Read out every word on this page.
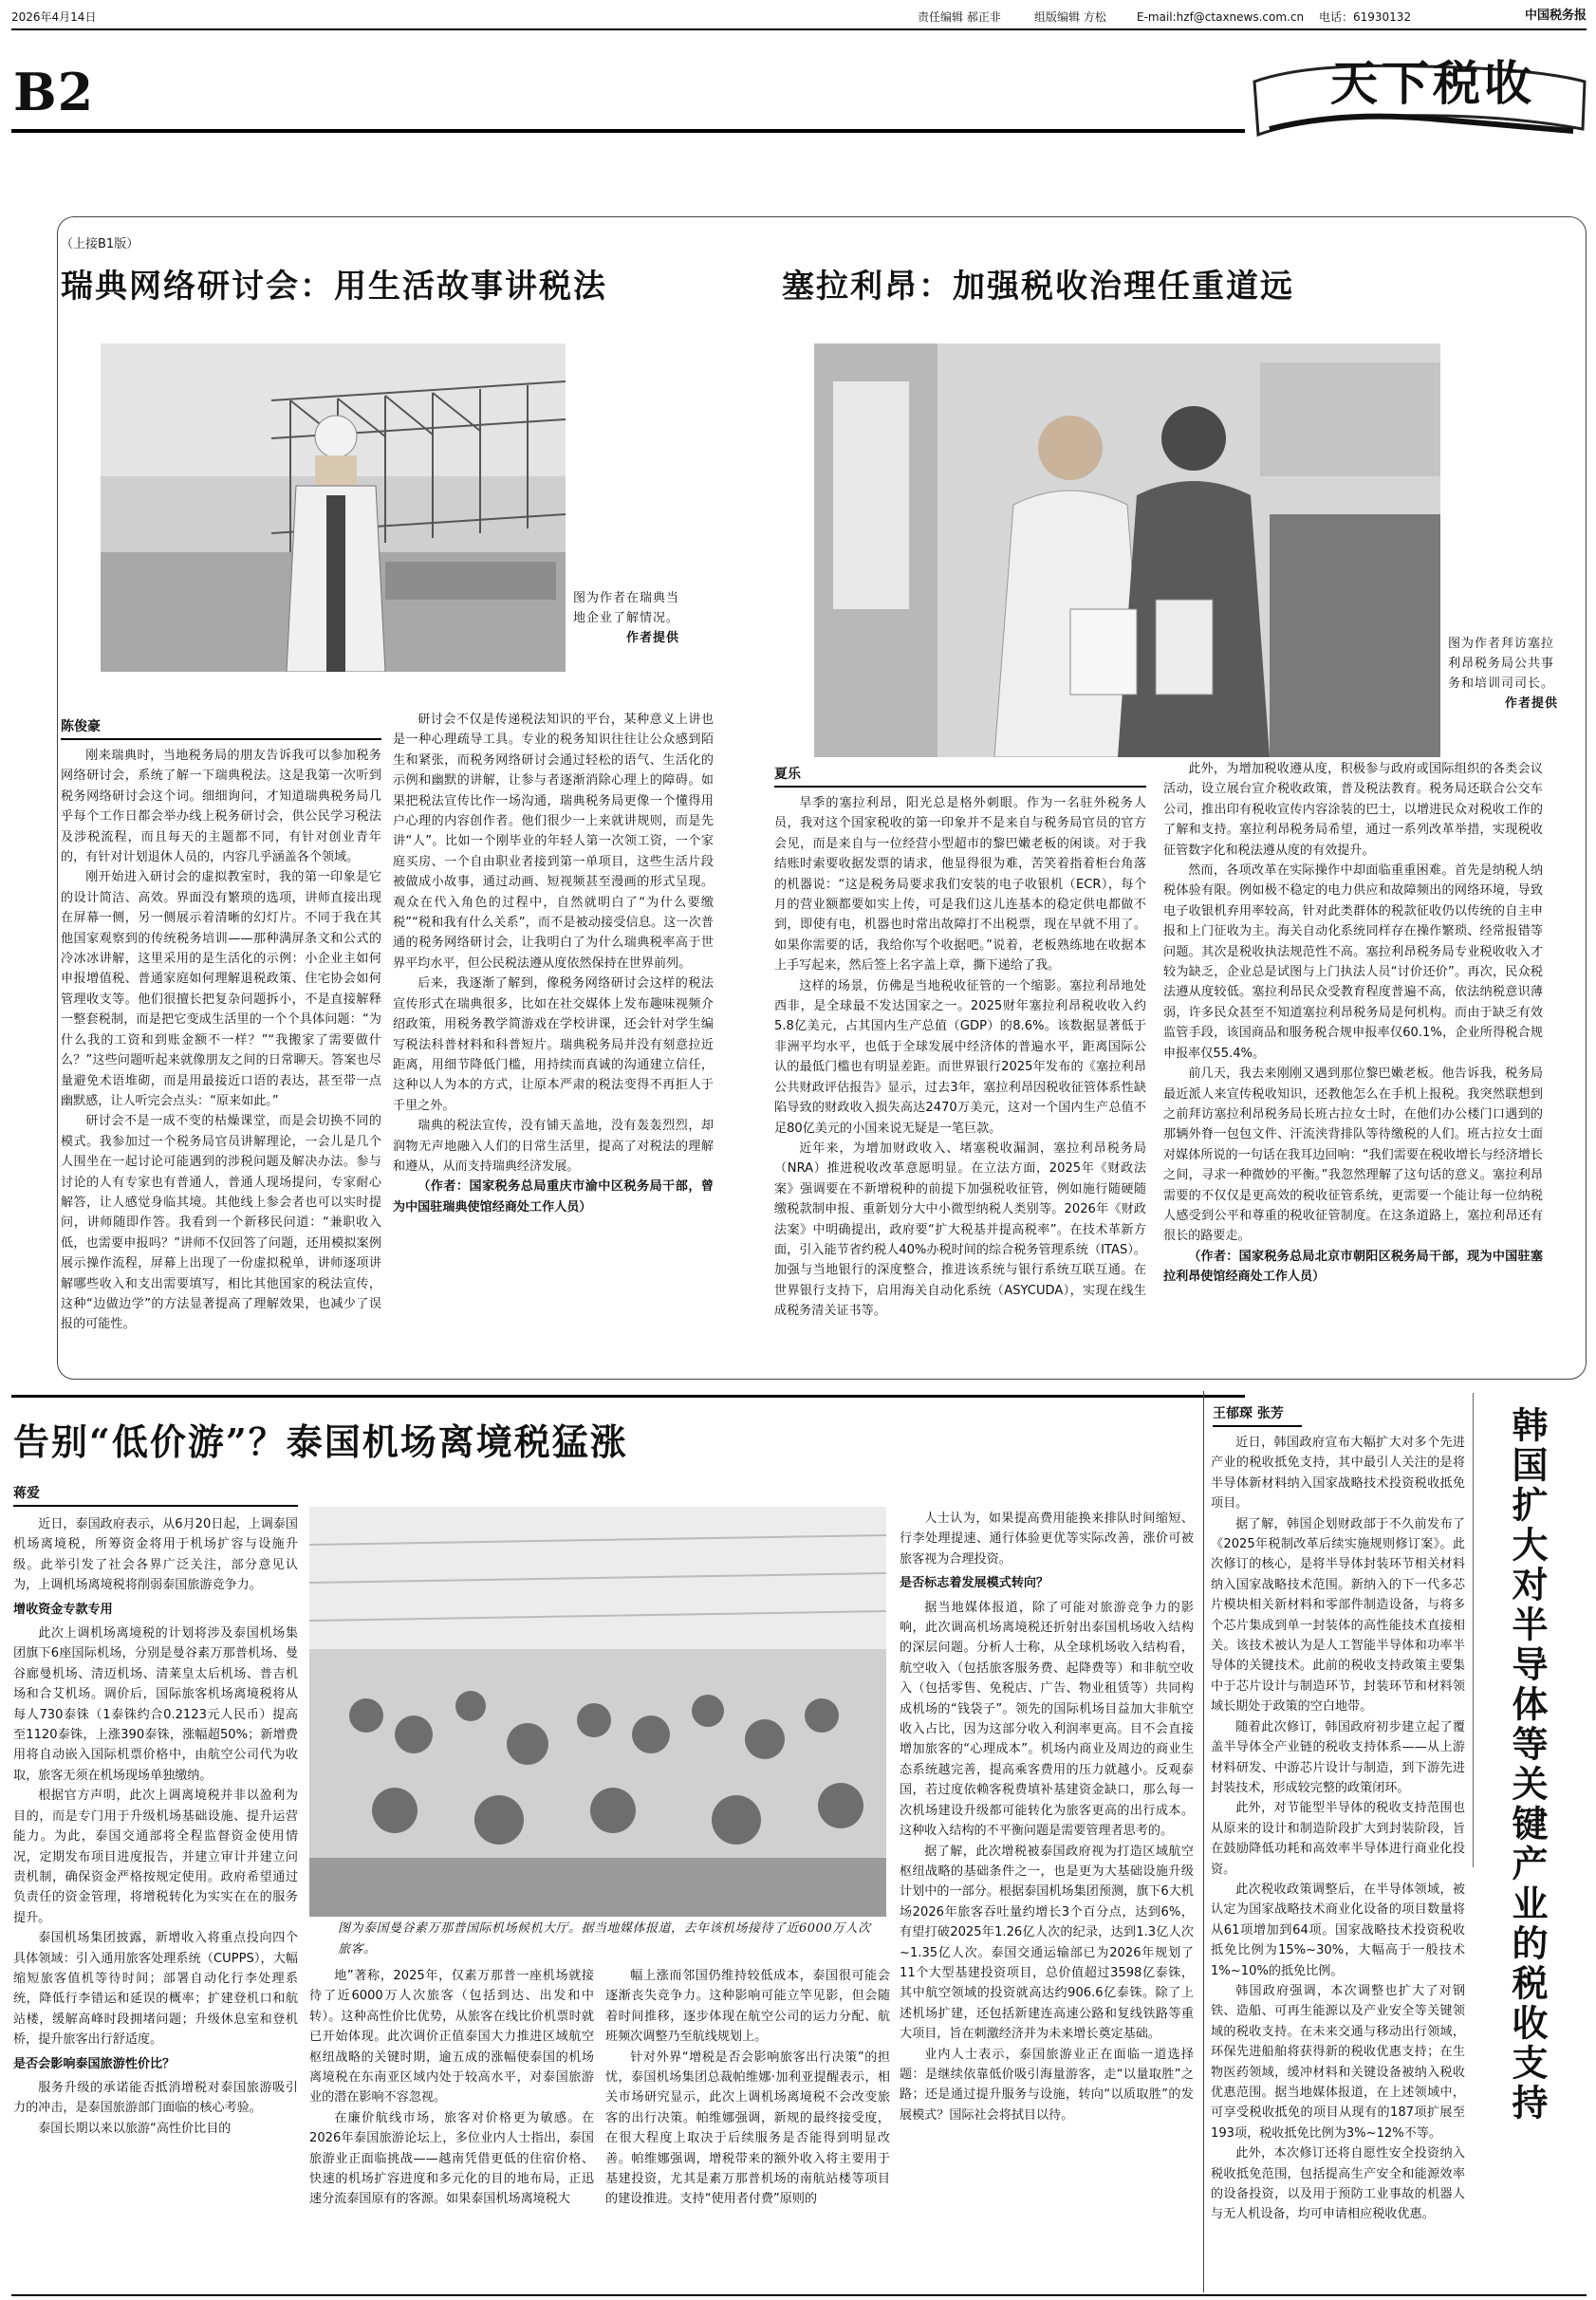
2026年4月14日	责任编辑 郝正非	组版编辑 方松	E-mail:hzf@ctaxnews.com.cn 电话：61930132	中国税务报
B2	天下税收
（上接B1版）
瑞典网络研讨会：用生活故事讲税法
图为作者在瑞典当地企业了解情况。
作者提供
陈俊豪

刚来瑞典时，当地税务局的朋友告诉我可以参加税务网络研讨会，系统了解一下瑞典税法。这是我第一次听到税务网络研讨会这个词。细细询问，才知道瑞典税务局几乎每个工作日都会举办线上税务研讨会，供公民学习税法及涉税流程，而且每天的主题都不同，有针对创业青年的，有针对计划退休人员的，内容几乎涵盖各个领域。

刚开始进入研讨会的虚拟教室时，我的第一印象是它的设计简洁、高效。界面没有繁琐的选项，讲师直接出现在屏幕一侧，另一侧展示着清晰的幻灯片。不同于我在其他国家观察到的传统税务培训——那种满屏条文和公式的冷冰冰讲解，这里采用的是生活化的示例：小企业主如何申报增值税、普通家庭如何理解退税政策、住宅协会如何管理收支等。他们很擅长把复杂问题拆小，不是直接解释一整套税制，而是把它变成生活里的一个个具体问题：“为什么我的工资和到账金额不一样？”“我搬家了需要做什么？”这些问题听起来就像朋友之间的日常聊天。答案也尽量避免术语堆砌，而是用最接近口语的表达，甚至带一点幽默感，让人听完会点头：“原来如此。”

研讨会不是一成不变的枯燥课堂，而是会切换不同的模式。我参加过一个税务局官员讲解理论，一会儿是几个人围坐在一起讨论可能遇到的涉税问题及解决办法。参与讨论的人有专家也有普通人，普通人现场提问，专家耐心解答，让人感觉身临其境。其他线上参会者也可以实时提问，讲师随即作答。我看到一个新移民问道：“兼职收入低，也需要申报吗？”讲师不仅回答了问题，还用模拟案例展示操作流程，屏幕上出现了一份虚拟税单，讲师逐项讲解哪些收入和支出需要填写，相比其他国家的税法宣传，这种“边做边学”的方法显著提高了理解效果，也减少了误报的可能性。

研讨会不仅是传递税法知识的平台，某种意义上讲也是一种心理疏导工具。专业的税务知识往往让公众感到陌生和紧张，而税务网络研讨会通过轻松的语气、生活化的示例和幽默的讲解，让参与者逐渐消除心理上的障碍。如果把税法宣传比作一场沟通，瑞典税务局更像一个懂得用户心理的内容创作者。他们很少一上来就讲规则，而是先讲“人”。比如一个刚毕业的年轻人第一次领工资，一个家庭买房、一个自由职业者接到第一单项目，这些生活片段被做成小故事，通过动画、短视频甚至漫画的形式呈现。观众在代入角色的过程中，自然就明白了“为什么要缴税”“税和我有什么关系”，而不是被动接受信息。这一次普通的税务网络研讨会，让我明白了为什么瑞典税率高于世界平均水平，但公民税法遵从度依然保持在世界前列。

后来，我逐渐了解到，像税务网络研讨会这样的税法宣传形式在瑞典很多，比如在社交媒体上发布趣味视频介绍政策，用税务教学简游戏在学校讲课，还会针对学生编写税法科普材料和科普短片。瑞典税务局并没有刻意拉近距离，用细节降低门槛，用持续而真诚的沟通建立信任，这种以人为本的方式，让原本严肃的税法变得不再拒人于千里之外。

瑞典的税法宣传，没有铺天盖地，没有轰轰烈烈，却润物无声地融入人们的日常生活里，提高了对税法的理解和遵从，从而支持瑞典经济发展。

（作者：国家税务总局重庆市渝中区税务局干部，曾为中国驻瑞典使馆经商处工作人员）

塞拉利昂：加强税收治理任重道远
图为作者拜访塞拉利昂税务局公共事务和培训司司长。
作者提供
夏乐

旱季的塞拉利昂，阳光总是格外刺眼。作为一名驻外税务人员，我对这个国家税收的第一印象并不是来自与税务局官员的官方会见，而是来自与一位经营小型超市的黎巴嫩老板的闲谈。对于我结账时索要收据发票的请求，他显得很为难，苦笑着指着柜台角落的机器说：“这是税务局要求我们安装的电子收银机（ECR），每个月的营业额都要如实上传，可是我们这儿连基本的稳定供电都做不到，即使有电，机器也时常出故障打不出税票，现在早就不用了。如果你需要的话，我给你写个收据吧。”说着，老板熟练地在收据本上手写起来，然后签上名字盖上章，撕下递给了我。

这样的场景，仿佛是当地税收征管的一个缩影。塞拉利昂地处西非，是全球最不发达国家之一。2025财年塞拉利昂税收收入约5.8亿美元，占其国内生产总值（GDP）的8.6%。该数据显著低于非洲平均水平，也低于全球发展中经济体的普遍水平，距离国际公认的最低门槛也有明显差距。而世界银行2025年发布的《塞拉利昂公共财政评估报告》显示，过去3年，塞拉利昂因税收征管体系性缺陷导致的财政收入损失高达2470万美元，这对一个国内生产总值不足80亿美元的小国来说无疑是一笔巨款。

近年来，为增加财政收入、堵塞税收漏洞，塞拉利昂税务局（NRA）推进税收改革意愿明显。在立法方面，2025年《财政法案》强调要在不新增税种的前提下加强税收征管，例如施行随硬随缴税款制申报、重新划分大中小微型纳税人类别等。2026年《财政法案》中明确提出，政府要“扩大税基并提高税率”。在技术革新方面，引入能节省约税人40%办税时间的综合税务管理系统（ITAS）。加强与当地银行的深度整合，推进该系统与银行系统互联互通。在世界银行支持下，启用海关自动化系统（ASYCUDA），实现在线生成税务清关证书等。

此外，为增加税收遵从度，积极参与政府或国际组织的各类会议活动，设立展台宣介税收政策，普及税法教育。税务局还联合公交车公司，推出印有税收宣传内容涂装的巴士，以增进民众对税收工作的了解和支持。塞拉利昂税务局希望，通过一系列改革举措，实现税收征管数字化和税法遵从度的有效提升。

然而，各项改革在实际操作中却面临重重困难。首先是纳税人纳税体验有限。例如极不稳定的电力供应和故障频出的网络环境，导致电子收银机弃用率较高，针对此类群体的税款征收仍以传统的自主申报和上门征收为主。海关自动化系统同样存在操作繁琐、经常报错等问题。其次是税收执法规范性不高。塞拉利昂税务局专业税收收入才较为缺乏，企业总是试图与上门执法人员“讨价还价”。再次，民众税法遵从度较低。塞拉利昂民众受教育程度普遍不高，依法纳税意识薄弱，许多民众甚至不知道塞拉利昂税务局是何机构。而由于缺乏有效监管手段，该国商品和服务税合规申报率仅60.1%，企业所得税合规申报率仅55.4%。

前几天，我去来刚刚又遇到那位黎巴嫩老板。他告诉我，税务局最近派人来宣传税收知识，还教他怎么在手机上报税。我突然联想到之前拜访塞拉利昂税务局长班古拉女士时，在他们办公楼门口遇到的那辆外脊一包包文件、汗流浃背排队等待缴税的人们。班古拉女士面对媒体所说的一句话在我耳边回响：“我们需要在税收增长与经济增长之间，寻求一种微妙的平衡。”我忽然理解了这句话的意义。塞拉利昂需要的不仅仅是更高效的税收征管系统，更需要一个能让每一位纳税人感受到公平和尊重的税收征管制度。在这条道路上，塞拉利昂还有很长的路要走。

（作者：国家税务总局北京市朝阳区税务局干部，现为中国驻塞拉利昂使馆经商处工作人员）

告别“低价游”？泰国机场离境税猛涨
蒋爱

近日，泰国政府表示，从6月20日起，上调泰国机场离境税，所筹资金将用于机场扩容与设施升级。此举引发了社会各界广泛关注，部分意见认为，上调机场离境税将削弱泰国旅游竞争力。

增收资金专款专用

此次上调机场离境税的计划将涉及泰国机场集团旗下6座国际机场，分别是曼谷素万那普机场、曼谷廊曼机场、清迈机场、清莱皇太后机场、普吉机场和合艾机场。调价后，国际旅客机场离境税将从每人730泰铢（1泰铢约合0.2123元人民币）提高至1120泰铢，上涨390泰铢，涨幅超50%；新增费用将自动嵌入国际机票价格中，由航空公司代为收取，旅客无须在机场现场单独缴纳。

根据官方声明，此次上调离境税并非以盈利为目的，而是专门用于升级机场基础设施、提升运营能力。为此，泰国交通部将全程监督资金使用情况，定期发布项目进度报告，并建立审计并建立问责机制，确保资金严格按规定使用。政府希望通过负责任的资金管理，将增税转化为实实在在的服务提升。

泰国机场集团披露，新增收入将重点投向四个具体领域：引入通用旅客处理系统（CUPPS），大幅缩短旅客值机等待时间；部署自动化行李处理系统，降低行李错运和延误的概率；扩建登机口和航站楼，缓解高峰时段拥堵问题；升级休息室和登机桥，提升旅客出行舒适度。

是否会影响泰国旅游性价比？

服务升级的承诺能否抵消增税对泰国旅游吸引力的冲击，是泰国旅游部门面临的核心考验。

泰国长期以来以旅游“高性价比目的

图为泰国曼谷素万那普国际机场候机大厅。据当地媒体报道，去年该机场接待了近6000万人次旅客。

地”著称，2025年，仅素万那普一座机场就接待了近6000万人次旅客（包括到达、出发和中转）。这种高性价比优势，从旅客在线比价机票时就已开始体现。此次调价正值泰国大力推进区域航空枢纽战略的关键时期，逾五成的涨幅使泰国的机场离境税在东南亚区域内处于较高水平，对泰国旅游业的潜在影响不容忽视。

在廉价航线市场，旅客对价格更为敏感。在2026年泰国旅游论坛上，多位业内人士指出，泰国旅游业正面临挑战——越南凭借更低的住宿价格、快速的机场扩容进度和多元化的目的地布局，正迅速分流泰国原有的客源。如果泰国机场离境税大

幅上涨而邻国仍维持较低成本，泰国很可能会逐渐丧失竞争力。这种影响可能立竿见影，但会随着时间推移，逐步体现在航空公司的运力分配、航班频次调整乃至航线规划上。

针对外界“增税是否会影响旅客出行决策”的担忧，泰国机场集团总裁帕维娜·加利亚提醒表示，相关市场研究显示，此次上调机场离境税不会改变旅客的出行决策。帕维娜强调，新规的最终接受度，在很大程度上取决于后续服务是否能得到明显改善。帕维娜强调，增税带来的额外收入将主要用于基建投资，尤其是素万那普机场的南航站楼等项目的建设推进。支持“使用者付费”原则的

人士认为，如果提高费用能换来排队时间缩短、行李处理提速、通行体验更优等实际改善，涨价可被旅客视为合理投资。

是否标志着发展模式转向？

据当地媒体报道，除了可能对旅游竞争力的影响，此次调高机场离境税还折射出泰国机场收入结构的深层问题。分析人士称，从全球机场收入结构看，航空收入（包括旅客服务费、起降费等）和非航空收入（包括零售、免税店、广告、物业租赁等）共同构成机场的“钱袋子”。领先的国际机场目益加大非航空收入占比，因为这部分收入利润率更高。目不会直接增加旅客的“心理成本”。机场内商业及周边的商业生态系统越完善，提高乘客费用的压力就越小。反观泰国，若过度依赖客税费填补基建资金缺口，那么每一次机场建设升级都可能转化为旅客更高的出行成本。这种收入结构的不平衡问题是需要管理者思考的。

据了解，此次增税被泰国政府视为打造区域航空枢纽战略的基础条件之一，也是更为大基础设施升级计划中的一部分。根据泰国机场集团预测，旗下6大机场2026年旅客吞吐量约增长3个百分点，达到6%，有望打破2025年1.26亿人次的纪录，达到1.3亿人次~1.35亿人次。泰国交通运输部已为2026年规划了11个大型基建投资项目，总价值超过3598亿泰铢，其中航空领域的投资就高达约906.6亿泰铢。除了上述机场扩建，还包括新建连高速公路和复线铁路等重大项目，旨在刺激经济并为未来增长奠定基础。

业内人士表示，泰国旅游业正在面临一道选择题：是继续依靠低价吸引海量游客，走“以量取胜”之路；还是通过提升服务与设施，转向“以质取胜”的发展模式？国际社会将拭目以待。

王郁琛 张芳

近日，韩国政府宣布大幅扩大对多个先进产业的税收抵免支持，其中最引人关注的是将半导体新材料纳入国家战略技术投资税收抵免项目。

据了解，韩国企划财政部于不久前发布了《2025年税制改革后续实施规则修订案》。此次修订的核心，是将半导体封装环节相关材料纳入国家战略技术范围。新纳入的下一代多芯片模块相关新材料和零部件制造设备，与将多个芯片集成到单一封装体的高性能技术直接相关。该技术被认为是人工智能半导体和功率半导体的关键技术。此前的税收支持政策主要集中于芯片设计与制造环节，封装环节和材料领域长期处于政策的空白地带。

随着此次修订，韩国政府初步建立起了覆盖半导体全产业链的税收支持体系——从上游材料研发、中游芯片设计与制造，到下游先进封装技术，形成较完整的政策闭环。

此外，对节能型半导体的税收支持范围也从原来的设计和制造阶段扩大到封装阶段，旨在鼓励降低功耗和高效率半导体进行商业化投资。

此次税收政策调整后，在半导体领域，被认定为国家战略技术商业化设备的项目数量将从61项增加到64项。国家战略技术投资税收抵免比例为15%~30%，大幅高于一般技术1%~10%的抵免比例。

韩国政府强调，本次调整也扩大了对钢铁、造船、可再生能源以及产业安全等关键领域的税收支持。在未来交通与移动出行领域，环保先进船舶将获得新的税收优惠支持；在生物医药领域，缓冲材料和关键设备被纳入税收优惠范围。据当地媒体报道，在上述领域中，可享受税收抵免的项目从现有的187项扩展至193项，税收抵免比例为3%~12%不等。

此外，本次修订还将自愿性安全投资纳入税收抵免范围，包括提高生产安全和能源效率的设备投资，以及用于预防工业事故的机器人与无人机设备，均可申请相应税收优惠。

韩国扩大对半导体等关键产业的税收支持
